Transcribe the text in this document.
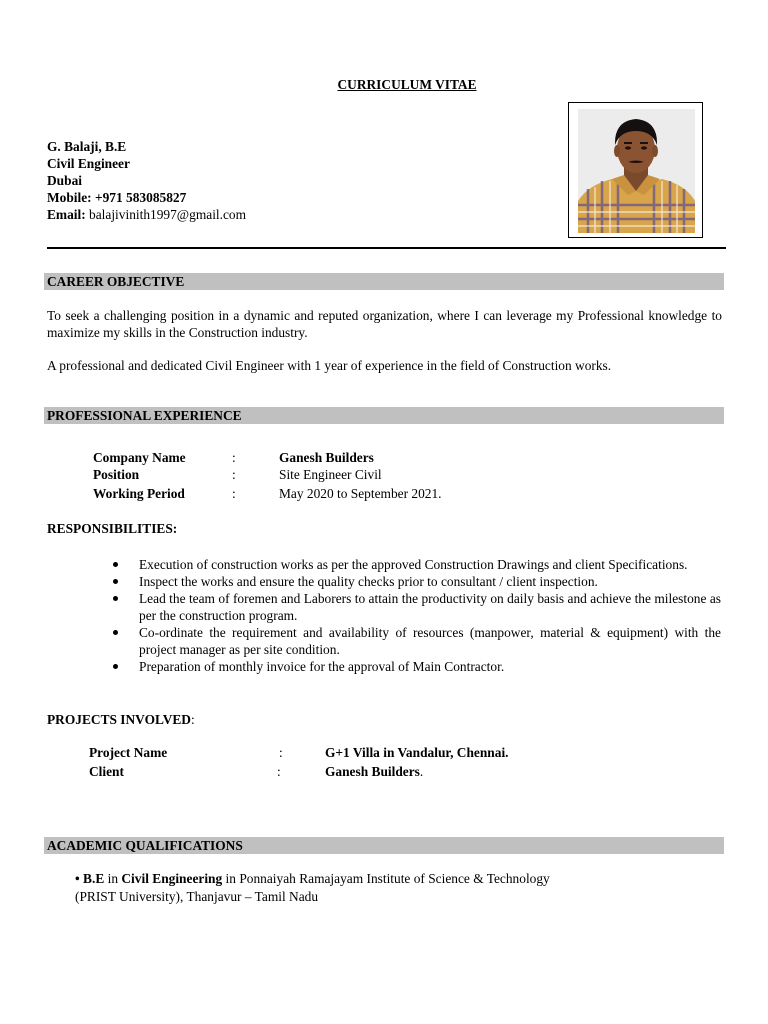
CURRICULUM VITAE
G. Balaji, B.E
Civil Engineer
Dubai
Mobile: +971 583085827
Email: balajivinith1997@gmail.com
CAREER OBJECTIVE
To seek a challenging position in a dynamic and reputed organization, where I can leverage my Professional knowledge to maximize my skills in the Construction industry.
A professional and dedicated Civil Engineer with 1 year of experience in the field of Construction works.
PROFESSIONAL EXPERIENCE
Company Name	:	Ganesh Builders
Position	:	Site Engineer Civil
Working Period	:	May 2020 to September 2021.
RESPONSIBILITIES:
Execution of construction works as per the approved Construction Drawings and client Specifications.
Inspect the works and ensure the quality checks prior to consultant / client inspection.
Lead the team of foremen and Laborers to attain the productivity on daily basis and achieve the milestone as per the construction program.
Co-ordinate the requirement and availability of resources (manpower, material & equipment) with the project manager as per site condition.
Preparation of monthly invoice for the approval of Main Contractor.
PROJECTS INVOLVED:
Project Name	:	G+1 Villa in Vandalur, Chennai.
Client	:	Ganesh Builders.
ACADEMIC QUALIFICATIONS
• B.E in Civil Engineering in Ponnaiyah Ramajayam Institute of Science & Technology
(PRIST University), Thanjavur – Tamil Nadu
